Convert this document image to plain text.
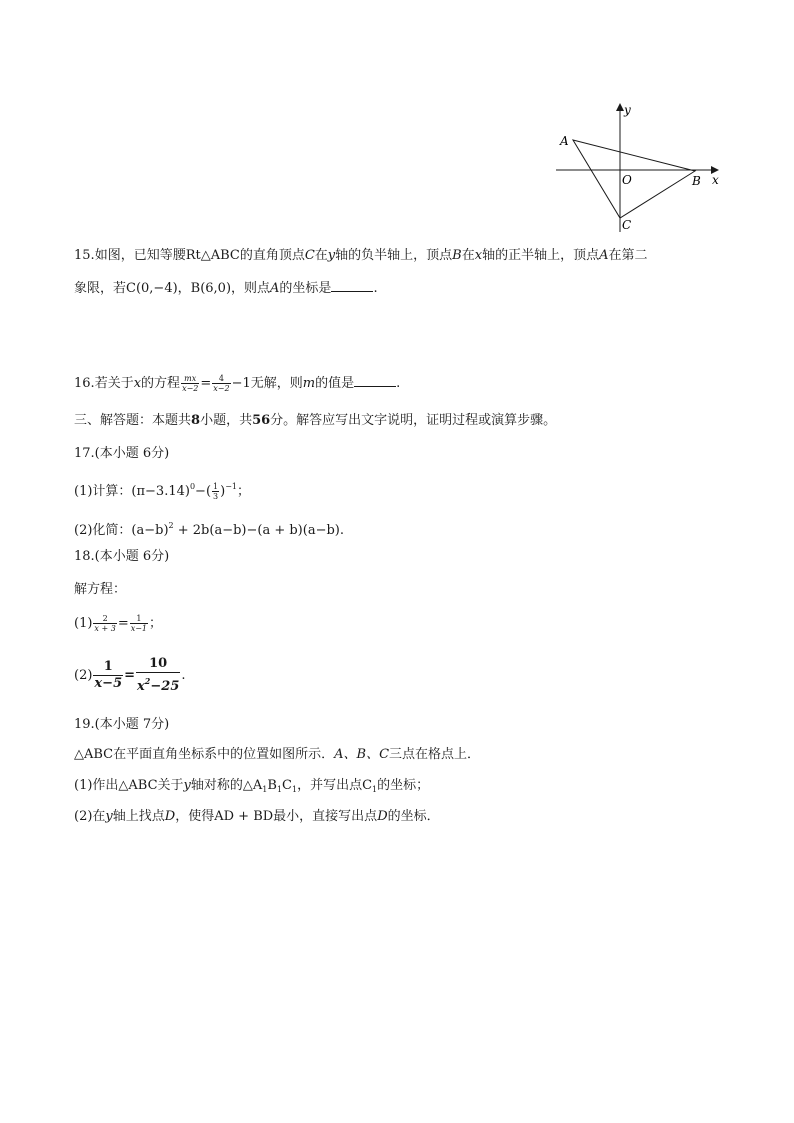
y
x
O
A
B
C
15.如图，已知等腰Rt△ABC的直角顶点C在y轴的负半轴上，顶点B在x轴的正半轴上，顶点A在第二
象限，若C(0,−4)，B(6,0)，则点A的坐标是	.
16.若关于x的方程 $\frac{mx}{x-2} = \frac{4}{x-2} -1$无解，则m的值是	.
三、解答题：本题共8小题，共56分。解答应写出文字说明，证明过程或演算步骤。
17.(本小题 6分)
(1)计算：$(\pi-3.14)^0-( \frac{1}{3} )^{-1}$；
(2)化简：$(a-b)^2 + 2b(a-b)-(a + b)(a-b)$.
18.(本小题 6分)
解方程：
$(1) \frac{2}{x + 3} = \frac{1}{x-1}$ ；
$(2) \frac{1}{x-5} = \frac{10}{x^2-25}$ .
19.(本小题 7分)
△ABC在平面直角坐标系中的位置如图所示．A、B、C三点在格点上．
(1)作出△ABC关于y轴对称的$\triangle A_1B_1C_1$，并写出点$C_1$的坐标；
(2)在y轴上找点D，使得AD + BD最小，直接写出点D的坐标．
